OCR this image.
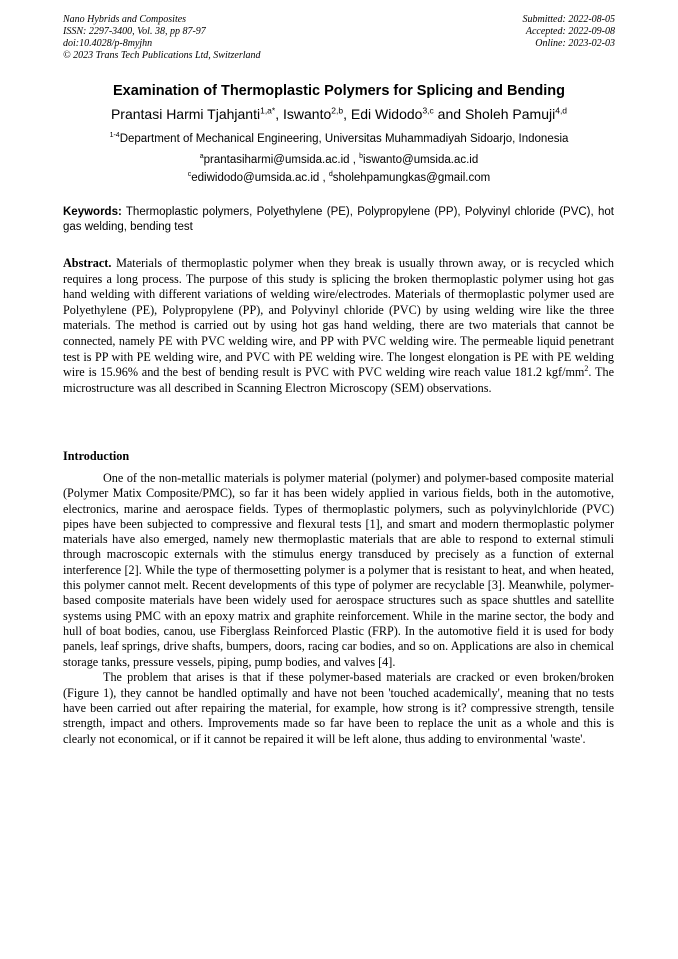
Nano Hybrids and Composites
ISSN: 2297-3400, Vol. 38, pp 87-97
doi:10.4028/p-8myjhn
© 2023 Trans Tech Publications Ltd, Switzerland
Submitted: 2022-08-05
Accepted: 2022-09-08
Online: 2023-02-03
Examination of Thermoplastic Polymers for Splicing and Bending
Prantasi Harmi Tjahjanti$^{1,a*}$, Iswanto$^{2,b}$, Edi Widodo$^{3,c}$ and Sholeh Pamuji$^{4,d}$
$^{1-4}$Department of Mechanical Engineering, Universitas Muhammadiyah Sidoarjo, Indonesia
$^a$prantasiharmi@umsida.ac.id , $^b$iswanto@umsida.ac.id
$^c$ediwidodo@umsida.ac.id , $^d$sholehpamungkas@gmail.com
Keywords: Thermoplastic polymers, Polyethylene (PE), Polypropylene (PP), Polyvinyl chloride (PVC), hot gas welding, bending test
Abstract. Materials of thermoplastic polymer when they break is usually thrown away, or is recycled which requires a long process. The purpose of this study is splicing the broken thermoplastic polymer using hot gas hand welding with different variations of welding wire/electrodes. Materials of thermoplastic polymer used are Polyethylene (PE), Polypropylene (PP), and Polyvinyl chloride (PVC) by using welding wire like the three materials. The method is carried out by using hot gas hand welding, there are two materials that cannot be connected, namely PE with PVC welding wire, and PP with PVC welding wire. The permeable liquid penetrant test is PP with PE welding wire, and PVC with PE welding wire. The longest elongation is PE with PE welding wire is 15.96% and the best of bending result is PVC with PVC welding wire reach value 181.2 kgf/$mm^2$. The microstructure was all described in Scanning Electron Microscopy (SEM) observations.
Introduction

One of the non-metallic materials is polymer material (polymer) and polymer-based composite material (Polymer Matix Composite/PMC), so far it has been widely applied in various fields, both in the automotive, electronics, marine and aerospace fields. Types of thermoplastic polymers, such as polyvinylchloride (PVC) pipes have been subjected to compressive and flexural tests [1], and smart and modern thermoplastic polymer materials have also emerged, namely new thermoplastic materials that are able to respond to external stimuli through macroscopic externals with the stimulus energy transduced by precisely as a function of external interference [2]. While the type of thermosetting polymer is a polymer that is resistant to heat, and when heated, this polymer cannot melt. Recent developments of this type of polymer are recyclable [3]. Meanwhile, polymer-based composite materials have been widely used for aerospace structures such as space shuttles and satellite systems using PMC with an epoxy matrix and graphite reinforcement. While in the marine sector, the body and hull of boat bodies, canou, use Fiberglass Reinforced Plastic (FRP). In the automotive field it is used for body panels, leaf springs, drive shafts, bumpers, doors, racing car bodies, and so on. Applications are also in chemical storage tanks, pressure vessels, piping, pump bodies, and valves [4].

The problem that arises is that if these polymer-based materials are cracked or even broken/broken (Figure 1), they cannot be handled optimally and have not been 'touched academically', meaning that no tests have been carried out after repairing the material, for example, how strong is it? compressive strength, tensile strength, impact and others. Improvements made so far have been to replace the unit as a whole and this is clearly not economical, or if it cannot be repaired it will be left alone, thus adding to environmental 'waste'.
